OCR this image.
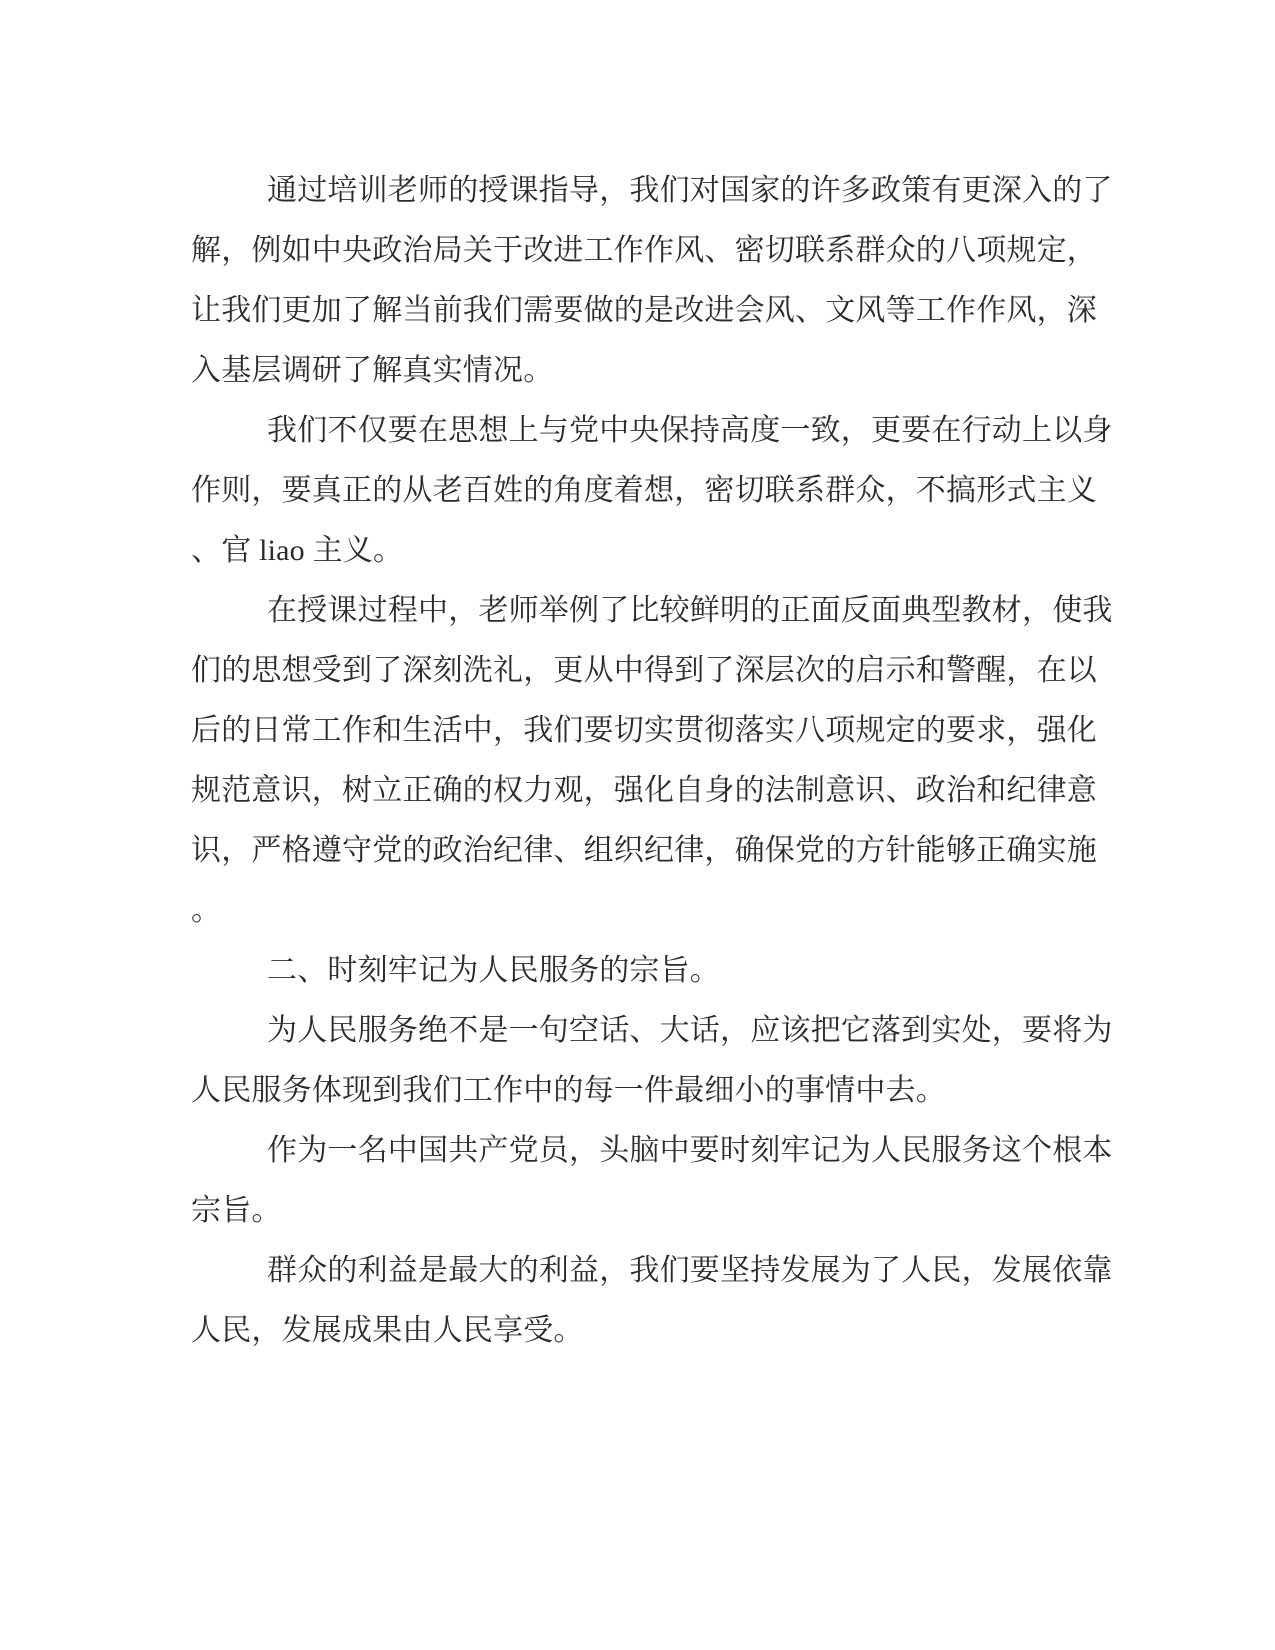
通过培训老师的授课指导，我们对国家的许多政策有更深入的了
解，例如中央政治局关于改进工作作风、密切联系群众的八项规定，
让我们更加了解当前我们需要做的是改进会风、文风等工作作风，深
入基层调研了解真实情况。
我们不仅要在思想上与党中央保持高度一致，更要在行动上以身
作则，要真正的从老百姓的角度着想，密切联系群众，不搞形式主义
、官 liao 主义。
在授课过程中，老师举例了比较鲜明的正面反面典型教材，使我
们的思想受到了深刻洗礼，更从中得到了深层次的启示和警醒，在以
后的日常工作和生活中，我们要切实贯彻落实八项规定的要求，强化
规范意识，树立正确的权力观，强化自身的法制意识、政治和纪律意
识，严格遵守党的政治纪律、组织纪律，确保党的方针能够正确实施
。
二、时刻牢记为人民服务的宗旨。
为人民服务绝不是一句空话、大话，应该把它落到实处，要将为
人民服务体现到我们工作中的每一件最细小的事情中去。
作为一名中国共产党员，头脑中要时刻牢记为人民服务这个根本
宗旨。
群众的利益是最大的利益，我们要坚持发展为了人民，发展依靠
人民，发展成果由人民享受。
